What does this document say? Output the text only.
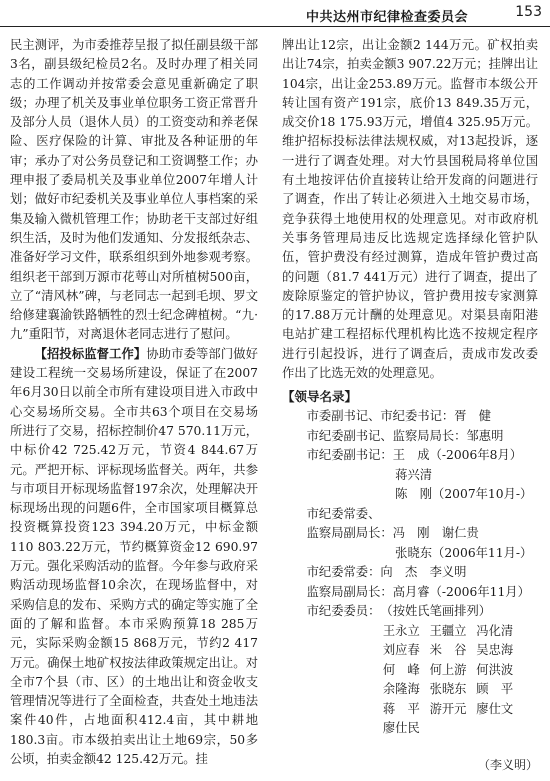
中共达州市纪律检查委员会	153

民主测评，为市委推荐呈报了拟任副县级干部3名，副县级纪检员2名。及时办理了相关同志的工作调动并按常委会意见重新确定了职级；办理了机关及事业单位职务工资正常晋升及部分人员（退休人员）的工资变动和养老保险、医疗保险的计算、审批及各种证册的年审；承办了对公务员登记和工资调整工作；办理申报了委局机关及事业单位2007年增人计划；做好市纪委机关及事业单位人事档案的采集及输入微机管理工作；协助老干支部过好组织生活，及时为他们发通知、分发报纸杂志、准备好学习文件，联系组织到外地参观考察。组织老干部到万源市花萼山对所植树500亩，立了“清风林”碑，与老同志一起到毛坝、罗文给修建襄渝铁路牺牲的烈士纪念碑植树。“九·九”重阳节，对离退休老同志进行了慰问。

【招投标监督工作】协助市委等部门做好建设工程统一交易场所建设，保证了在2007年6月30日以前全市所有建设项目进入市政中心交易场所交易。全市共63个项目在交易场所进行了交易，招标控制价47 570.11万元，中标价42 725.42万元，节资4 844.67万元。严把开标、评标现场监督关。两年，共参与市项目开标现场监督197余次，处理解决开标现场出现的问题6件，全市国家项目概算总投资概算投资123 394.20万元，中标金额110 803.22万元，节约概算资金12 690.97万元。强化采购活动的监督。今年参与政府采购活动现场监督10余次，在现场监督中，对采购信息的发布、采购方式的确定等实施了全面的了解和监督。本市采购预算18 285万元，实际采购金额15 868万元，节约2 417万元。确保土地矿权按法律政策规定出让。对全市7个县（市、区）的土地出让和资金收支管理情况等进行了全面检查，共查处土地违法案件40件，占地面积412.4亩，其中耕地180.3亩。市本级拍卖出让土地69宗，50多公顷，拍卖金额42 125.42万元。挂

牌出让12宗，出让金额2 144万元。矿权拍卖出让74宗，拍卖金额3 907.22万元；挂牌出让104宗，出让金253.89万元。监督市本级公开转让国有资产191宗，底价13 849.35万元，成交价18 175.93万元，增值4 325.95万元。维护招标投标法律法规权威，对13起投诉，逐一进行了调查处理。对大竹县国税局将单位国有土地按评估价直接转让给开发商的问题进行了调查，作出了转让必须进入土地交易市场，竞争获得土地使用权的处理意见。对市政府机关事务管理局违反比选规定选择绿化管护队伍，管护费没有经过测算，造成年管护费过高的问题（81.7 441万元）进行了调查，提出了废除原鉴定的管护协议，管护费用按专家测算的17.88万元计酬的处理意见。对渠县南阳港电站扩建工程招标代理机构比选不按规定程序进行引起投诉，进行了调查后，责成市发改委作出了比选无效的处理意见。

【领导名录】
市委副书记、市纪委书记： 胥　健
市纪委副书记、监察局局长： 邹惠明
市纪委副书记： 王　成（-2006年8月）
蒋兴清
陈　刚（2007年10月-）
市纪委常委、
监察局副局长： 冯　刚　谢仁贵
张晓东（2006年11月-）
市纪委常委： 向　杰　李义明
监察局副局长： 高月睿（-2006年11月）
市纪委委员： （按姓氏笔画排列）
王永立 王疆立 冯化清
刘应春 米　谷 吴忠海
何　峰 何上游 何洪波
余隆海 张晓东 顾　平
蒋　平 游开元 廖仕文
廖仕民
（李义明）
